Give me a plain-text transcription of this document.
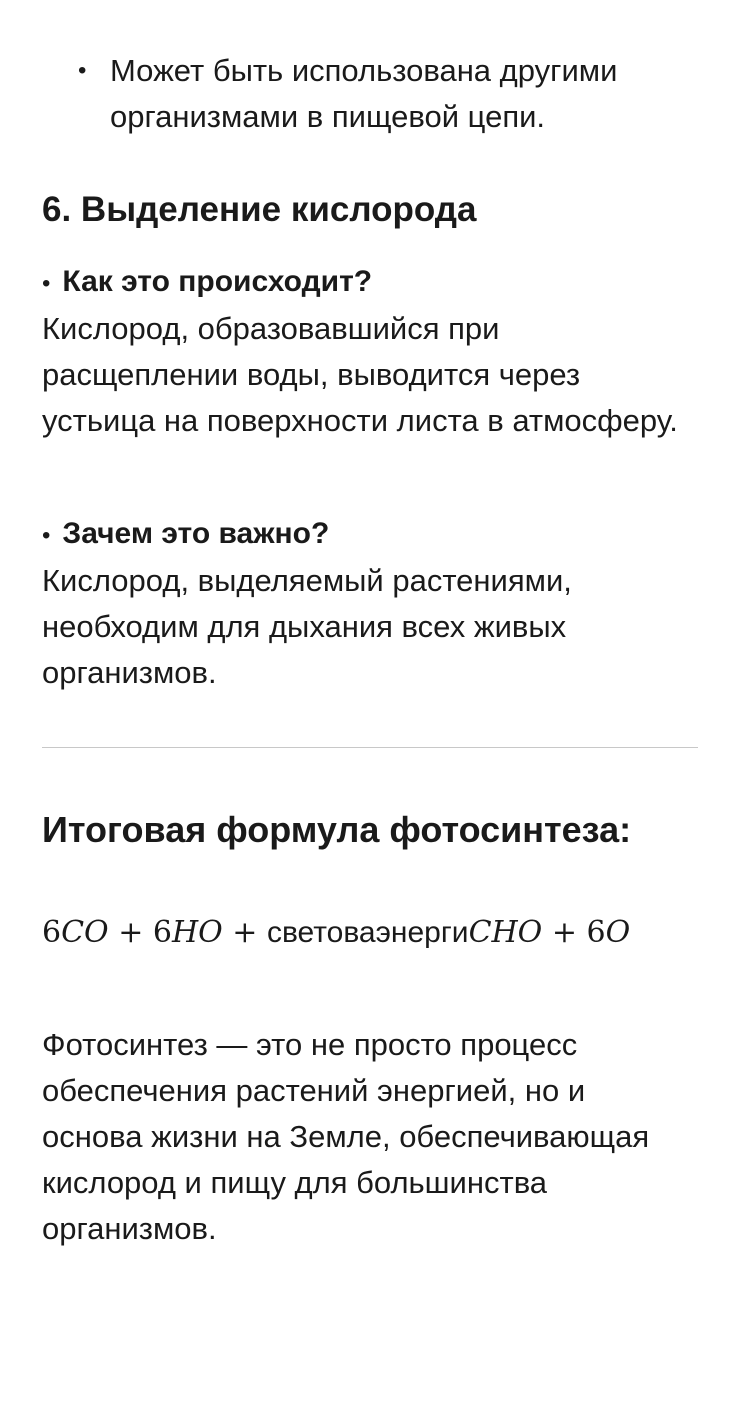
• Может быть использована другими организмами в пищевой цепи.
6. Выделение кислорода
• Как это происходит?
Кислород, образовавшийся при расщеплении воды, выводится через устьица на поверхности листа в атмосферу.
• Зачем это важно?
Кислород, выделяемый растениями, необходим для дыхания всех живых организмов.
Итоговая формула фотосинтеза:
6CO + 6HO + световаэнергиCHO + 6O
Фотосинтез — это не просто процесс обеспечения растений энергией, но и основа жизни на Земле, обеспечивающая кислород и пищу для большинства организмов.
